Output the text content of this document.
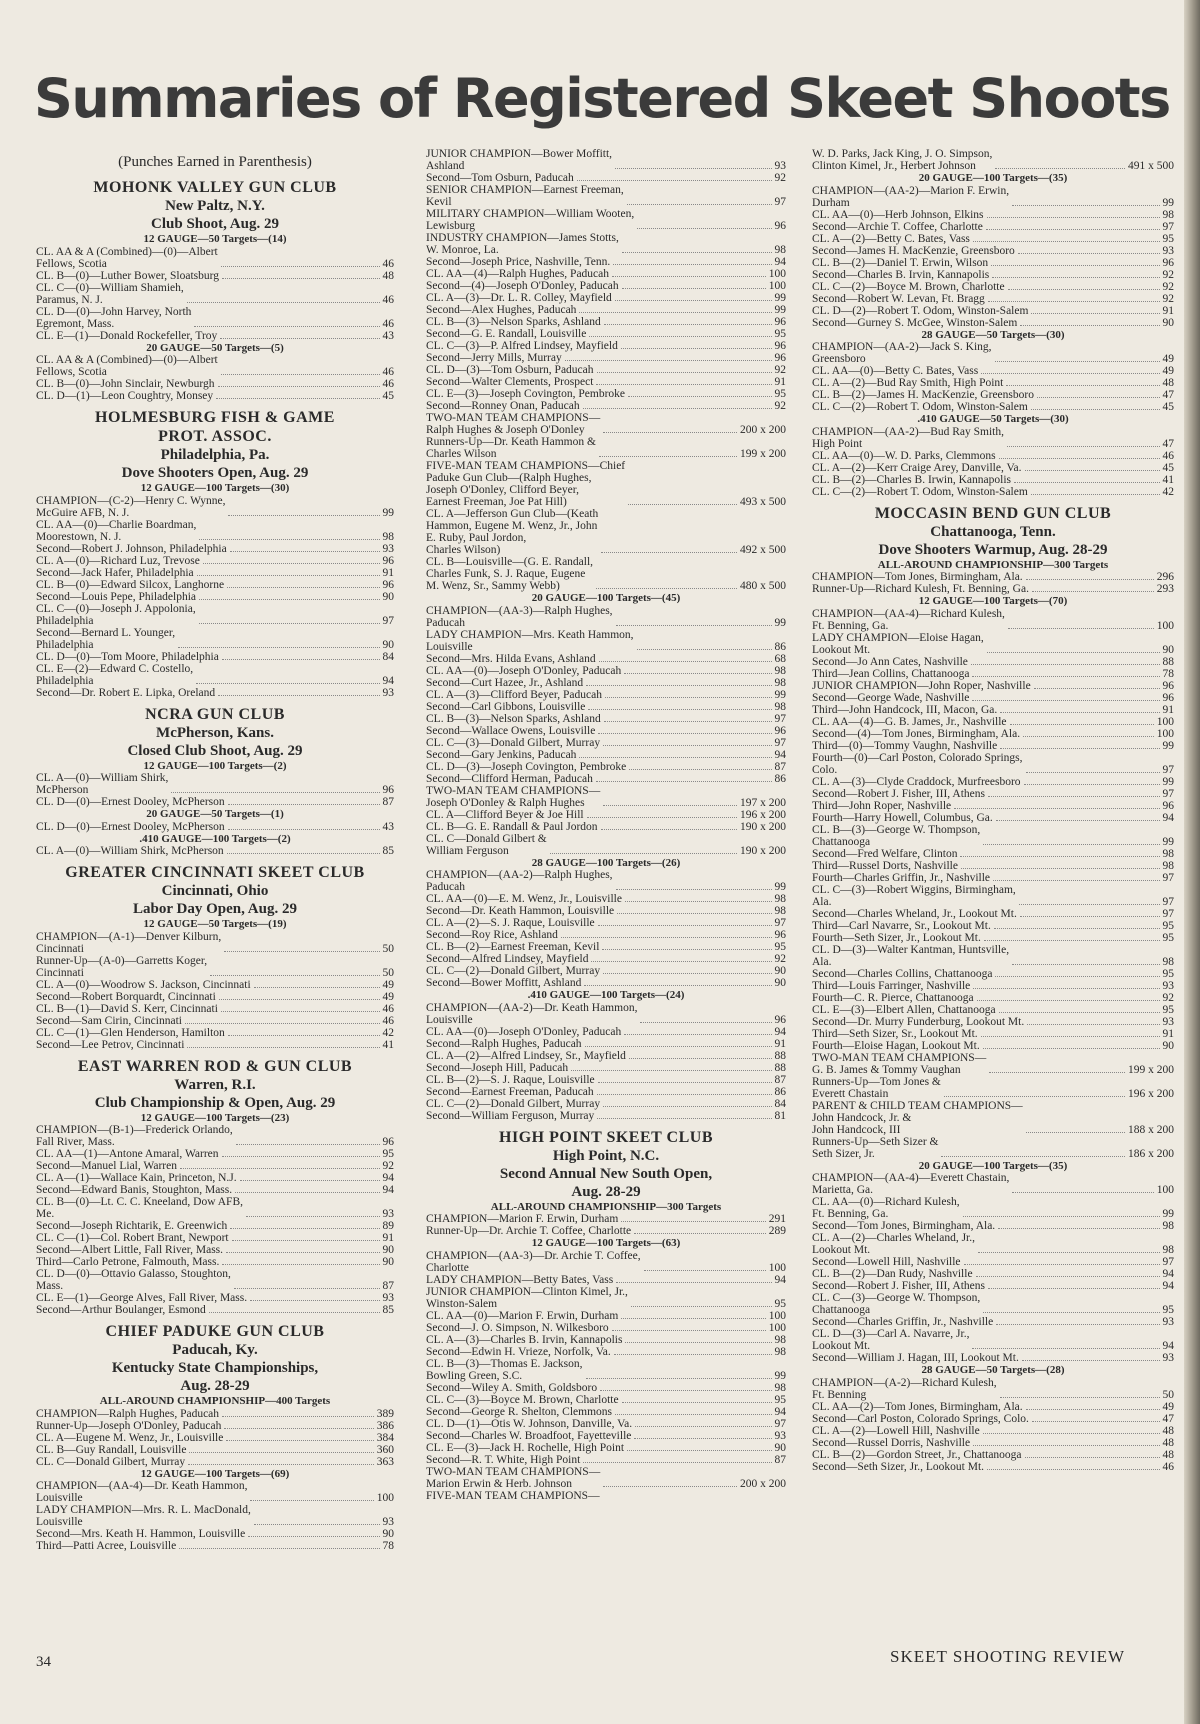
Summaries of Registered Skeet Shoots
(Punches Earned in Parenthesis)
MOHONK VALLEY GUN CLUB
New Paltz, N.Y.
Club Shoot, Aug. 29
12 GAUGE—50 Targets—(14)
CL. AA & A (Combined)—(0)—Albert
Fellows, Scotia	46
CL. B—(0)—Luther Bower, Sloatsburg	48
CL. C—(0)—William Shamieh,
Paramus, N. J.	46
CL. D—(0)—John Harvey, North
Egremont, Mass.	46
CL. E—(1)—Donald Rockefeller, Troy	43
20 GAUGE—50 Targets—(5)
CL. AA & A (Combined)—(0)—Albert
Fellows, Scotia	46
CL. B—(0)—John Sinclair, Newburgh	46
CL. D—(1)—Leon Coughtry, Monsey	45
HOLMESBURG FISH & GAME
PROT. ASSOC.
Philadelphia, Pa.
Dove Shooters Open, Aug. 29
12 GAUGE—100 Targets—(30)
CHAMPION—(C-2)—Henry C. Wynne,
McGuire AFB, N. J.	99
CL. AA—(0)—Charlie Boardman,
Moorestown, N. J.	98
Second—Robert J. Johnson, Philadelphia	93
CL. A—(0)—Richard Luz, Trevose	96
Second—Jack Hafer, Philadelphia	91
CL. B—(0)—Edward Silcox, Langhorne	96
Second—Louis Pepe, Philadelphia	90
CL. C—(0)—Joseph J. Appolonia,
Philadelphia	97
Second—Bernard L. Younger,
Philadelphia	90
CL. D—(0)—Tom Moore, Philadelphia	84
CL. E—(2)—Edward C. Costello,
Philadelphia	94
Second—Dr. Robert E. Lipka, Oreland	93
NCRA GUN CLUB
McPherson, Kans.
Closed Club Shoot, Aug. 29
12 GAUGE—100 Targets—(2)
CL. A—(0)—William Shirk,
McPherson	96
CL. D—(0)—Ernest Dooley, McPherson	87
20 GAUGE—50 Targets—(1)
CL. D—(0)—Ernest Dooley, McPherson	43
.410 GAUGE—100 Targets—(2)
CL. A—(0)—William Shirk, McPherson	85
GREATER CINCINNATI SKEET CLUB
Cincinnati, Ohio
Labor Day Open, Aug. 29
12 GAUGE—50 Targets—(19)
CHAMPION—(A-1)—Denver Kilburn,
Cincinnati	50
Runner-Up—(A-0)—Garretts Koger,
Cincinnati	50
CL. A—(0)—Woodrow S. Jackson, Cincinnati	49
Second—Robert Borquardt, Cincinnati	49
CL. B—(1)—David S. Kerr, Cincinnati	46
Second—Sam Cirin, Cincinnati	46
CL. C—(1)—Glen Henderson, Hamilton	42
Second—Lee Petrov, Cincinnati	41
EAST WARREN ROD & GUN CLUB
Warren, R.I.
Club Championship & Open, Aug. 29
12 GAUGE—100 Targets—(23)
CHAMPION—(B-1)—Frederick Orlando,
Fall River, Mass.	96
CL. AA—(1)—Antone Amaral, Warren	95
Second—Manuel Lial, Warren	92
CL. A—(1)—Wallace Kain, Princeton, N.J.	94
Second—Edward Banis, Stoughton, Mass.	94
CL. B—(0)—Lt. C. C. Kneeland, Dow AFB,
Me.	93
Second—Joseph Richtarik, E. Greenwich	89
CL. C—(1)—Col. Robert Brant, Newport	91
Second—Albert Little, Fall River, Mass.	90
Third—Carlo Petrone, Falmouth, Mass.	90
CL. D—(0)—Ottavio Galasso, Stoughton,
Mass.	87
CL. E—(1)—George Alves, Fall River, Mass.	93
Second—Arthur Boulanger, Esmond	85
CHIEF PADUKE GUN CLUB
Paducah, Ky.
Kentucky State Championships,
Aug. 28-29
ALL-AROUND CHAMPIONSHIP—400 Targets
CHAMPION—Ralph Hughes, Paducah	389
Runner-Up—Joseph O'Donley, Paducah	386
CL. A—Eugene M. Wenz, Jr., Louisville	384
CL. B—Guy Randall, Louisville	360
CL. C—Donald Gilbert, Murray	363
12 GAUGE—100 Targets—(69)
CHAMPION—(AA-4)—Dr. Keath Hammon,
Louisville	100
LADY CHAMPION—Mrs. R. L. MacDonald,
Louisville	93
Second—Mrs. Keath H. Hammon, Louisville	90
Third—Patti Acree, Louisville	78
JUNIOR CHAMPION—Bower Moffitt,
Ashland	93
Second—Tom Osburn, Paducah	92
SENIOR CHAMPION—Earnest Freeman,
Kevil	97
MILITARY CHAMPION—William Wooten,
Lewisburg	96
INDUSTRY CHAMPION—James Stotts,
W. Monroe, La.	98
Second—Joseph Price, Nashville, Tenn.	94
CL. AA—(4)—Ralph Hughes, Paducah	100
Second—(4)—Joseph O'Donley, Paducah	100
CL. A—(3)—Dr. L. R. Colley, Mayfield	99
Second—Alex Hughes, Paducah	99
CL. B—(3)—Nelson Sparks, Ashland	96
Second—G. E. Randall, Louisville	95
CL. C—(3)—P. Alfred Lindsey, Mayfield	96
Second—Jerry Mills, Murray	96
CL. D—(3)—Tom Osburn, Paducah	92
Second—Walter Clements, Prospect	91
CL. E—(3)—Joseph Covington, Pembroke	95
Second—Ronney Onan, Paducah	92
TWO-MAN TEAM CHAMPIONS—
Ralph Hughes & Joseph O'Donley	200 x 200
Runners-Up—Dr. Keath Hammon &
Charles Wilson	199 x 200
FIVE-MAN TEAM CHAMPIONS—Chief
Paduke Gun Club—(Ralph Hughes,
Joseph O'Donley, Clifford Beyer,
Earnest Freeman, Joe Pat Hill)	493 x 500
CL. A—Jefferson Gun Club—(Keath
Hammon, Eugene M. Wenz, Jr., John
E. Ruby, Paul Jordon,
Charles Wilson)	492 x 500
CL. B—Louisville—(G. E. Randall,
Charles Funk, S. J. Raque, Eugene
M. Wenz, Sr., Sammy Webb)	480 x 500
20 GAUGE—100 Targets—(45)
CHAMPION—(AA-3)—Ralph Hughes,
Paducah	99
LADY CHAMPION—Mrs. Keath Hammon,
Louisville	86
Second—Mrs. Hilda Evans, Ashland	68
CL. AA—(0)—Joseph O'Donley, Paducah	98
Second—Curt Hazee, Jr., Ashland	98
CL. A—(3)—Clifford Beyer, Paducah	99
Second—Carl Gibbons, Louisville	98
CL. B—(3)—Nelson Sparks, Ashland	97
Second—Wallace Owens, Louisville	96
CL. C—(3)—Donald Gilbert, Murray	97
Second—Gary Jenkins, Paducah	94
CL. D—(3)—Joseph Covington, Pembroke	87
Second—Clifford Herman, Paducah	86
TWO-MAN TEAM CHAMPIONS—
Joseph O'Donley & Ralph Hughes	197 x 200
CL. A—Clifford Beyer & Joe Hill	196 x 200
CL. B—G. E. Randall & Paul Jordon	190 x 200
CL. C—Donald Gilbert &
William Ferguson	190 x 200
28 GAUGE—100 Targets—(26)
CHAMPION—(AA-2)—Ralph Hughes,
Paducah	99
CL. AA—(0)—E. M. Wenz, Jr., Louisville	98
Second—Dr. Keath Hammon, Louisville	98
CL. A—(2)—S. J. Raque, Louisville	97
Second—Roy Rice, Ashland	96
CL. B—(2)—Earnest Freeman, Kevil	95
Second—Alfred Lindsey, Mayfield	92
CL. C—(2)—Donald Gilbert, Murray	90
Second—Bower Moffitt, Ashland	90
.410 GAUGE—100 Targets—(24)
CHAMPION—(AA-2)—Dr. Keath Hammon,
Louisville	96
CL. AA—(0)—Joseph O'Donley, Paducah	94
Second—Ralph Hughes, Paducah	91
CL. A—(2)—Alfred Lindsey, Sr., Mayfield	88
Second—Joseph Hill, Paducah	88
CL. B—(2)—S. J. Raque, Louisville	87
Second—Earnest Freeman, Paducah	86
CL. C—(2)—Donald Gilbert, Murray	84
Second—William Ferguson, Murray	81
HIGH POINT SKEET CLUB
High Point, N.C.
Second Annual New South Open,
Aug. 28-29
ALL-AROUND CHAMPIONSHIP—300 Targets
CHAMPION—Marion F. Erwin, Durham	291
Runner-Up—Dr. Archie T. Coffee, Charlotte	289
12 GAUGE—100 Targets—(63)
CHAMPION—(AA-3)—Dr. Archie T. Coffee,
Charlotte	100
LADY CHAMPION—Betty Bates, Vass	94
JUNIOR CHAMPION—Clinton Kimel, Jr.,
Winston-Salem	95
CL. AA—(0)—Marion F. Erwin, Durham	100
Second—J. O. Simpson, N. Wilkesboro	100
CL. A—(3)—Charles B. Irvin, Kannapolis	98
Second—Edwin H. Vrieze, Norfolk, Va.	98
CL. B—(3)—Thomas E. Jackson,
Bowling Green, S.C.	99
Second—Wiley A. Smith, Goldsboro	98
CL. C—(3)—Boyce M. Brown, Charlotte	95
Second—George R. Shelton, Clemmons	94
CL. D—(1)—Otis W. Johnson, Danville, Va.	97
Second—Charles W. Broadfoot, Fayetteville	93
CL. E—(3)—Jack H. Rochelle, High Point	90
Second—R. T. White, High Point	87
TWO-MAN TEAM CHAMPIONS—
Marion Erwin & Herb. Johnson	200 x 200
FIVE-MAN TEAM CHAMPIONS—
W. D. Parks, Jack King, J. O. Simpson,
Clinton Kimel, Jr., Herbert Johnson	491 x 500
20 GAUGE—100 Targets—(35)
CHAMPION—(AA-2)—Marion F. Erwin,
Durham	99
CL. AA—(0)—Herb Johnson, Elkins	98
Second—Archie T. Coffee, Charlotte	97
CL. A—(2)—Betty C. Bates, Vass	95
Second—James H. MacKenzie, Greensboro	93
CL. B—(2)—Daniel T. Erwin, Wilson	96
Second—Charles B. Irvin, Kannapolis	92
CL. C—(2)—Boyce M. Brown, Charlotte	92
Second—Robert W. Levan, Ft. Bragg	92
CL. D—(2)—Robert T. Odom, Winston-Salem	91
Second—Gurney S. McGee, Winston-Salem	90
28 GAUGE—50 Targets—(30)
CHAMPION—(AA-2)—Jack S. King,
Greensboro	49
CL. AA—(0)—Betty C. Bates, Vass	49
CL. A—(2)—Bud Ray Smith, High Point	48
CL. B—(2)—James H. MacKenzie, Greensboro	47
CL. C—(2)—Robert T. Odom, Winston-Salem	45
.410 GAUGE—50 Targets—(30)
CHAMPION—(AA-2)—Bud Ray Smith,
High Point	47
CL. AA—(0)—W. D. Parks, Clemmons	46
CL. A—(2)—Kerr Craige Arey, Danville, Va.	45
CL. B—(2)—Charles B. Irwin, Kannapolis	41
CL. C—(2)—Robert T. Odom, Winston-Salem	42
MOCCASIN BEND GUN CLUB
Chattanooga, Tenn.
Dove Shooters Warmup, Aug. 28-29
ALL-AROUND CHAMPIONSHIP—300 Targets
CHAMPION—Tom Jones, Birmingham, Ala.	296
Runner-Up—Richard Kulesh, Ft. Benning, Ga.	293
12 GAUGE—100 Targets—(70)
CHAMPION—(AA-4)—Richard Kulesh,
Ft. Benning, Ga.	100
LADY CHAMPION—Eloise Hagan,
Lookout Mt.	90
Second—Jo Ann Cates, Nashville	88
Third—Jean Collins, Chattanooga	78
JUNIOR CHAMPION—John Roper, Nashville	96
Second—George Wade, Nashville	96
Third—John Handcock, III, Macon, Ga.	91
CL. AA—(4)—G. B. James, Jr., Nashville	100
Second—(4)—Tom Jones, Birmingham, Ala.	100
Third—(0)—Tommy Vaughn, Nashville	99
Fourth—(0)—Carl Poston, Colorado Springs,
Colo.	97
CL. A—(3)—Clyde Craddock, Murfreesboro	99
Second—Robert J. Fisher, III, Athens	97
Third—John Roper, Nashville	96
Fourth—Harry Howell, Columbus, Ga.	94
CL. B—(3)—George W. Thompson,
Chattanooga	99
Second—Fred Welfare, Clinton	98
Third—Russel Dorts, Nashville	98
Fourth—Charles Griffin, Jr., Nashville	97
CL. C—(3)—Robert Wiggins, Birmingham,
Ala.	97
Second—Charles Wheland, Jr., Lookout Mt.	97
Third—Carl Navarre, Sr., Lookout Mt.	95
Fourth—Seth Sizer, Jr., Lookout Mt.	95
CL. D—(3)—Walter Kantman, Huntsville,
Ala.	98
Second—Charles Collins, Chattanooga	95
Third—Louis Farringer, Nashville	93
Fourth—C. R. Pierce, Chattanooga	92
CL. E—(3)—Elbert Allen, Chattanooga	95
Second—Dr. Murry Funderburg, Lookout Mt.	93
Third—Seth Sizer, Sr., Lookout Mt.	91
Fourth—Eloise Hagan, Lookout Mt.	90
TWO-MAN TEAM CHAMPIONS—
G. B. James & Tommy Vaughan	199 x 200
Runners-Up—Tom Jones &
Everett Chastain	196 x 200
PARENT & CHILD TEAM CHAMPIONS—
John Handcock, Jr. &
John Handcock, III	188 x 200
Runners-Up—Seth Sizer &
Seth Sizer, Jr.	186 x 200
20 GAUGE—100 Targets—(35)
CHAMPION—(AA-4)—Everett Chastain,
Marietta, Ga.	100
CL. AA—(0)—Richard Kulesh,
Ft. Benning, Ga.	99
Second—Tom Jones, Birmingham, Ala.	98
CL. A—(2)—Charles Wheland, Jr.,
Lookout Mt.	98
Second—Lowell Hill, Nashville	97
CL. B—(2)—Dan Rudy, Nashville	94
Second—Robert J. Fisher, III, Athens	94
CL. C—(3)—George W. Thompson,
Chattanooga	95
Second—Charles Griffin, Jr., Nashville	93
CL. D—(3)—Carl A. Navarre, Jr.,
Lookout Mt.	94
Second—William J. Hagan, III, Lookout Mt.	93
28 GAUGE—50 Targets—(28)
CHAMPION—(A-2)—Richard Kulesh,
Ft. Benning	50
CL. AA—(2)—Tom Jones, Birmingham, Ala.	49
Second—Carl Poston, Colorado Springs, Colo.	47
CL. A—(2)—Lowell Hill, Nashville	48
Second—Russel Dorris, Nashville	48
CL. B—(2)—Gordon Street, Jr., Chattanooga	48
Second—Seth Sizer, Jr., Lookout Mt.	46
34	SKEET SHOOTING REVIEW
